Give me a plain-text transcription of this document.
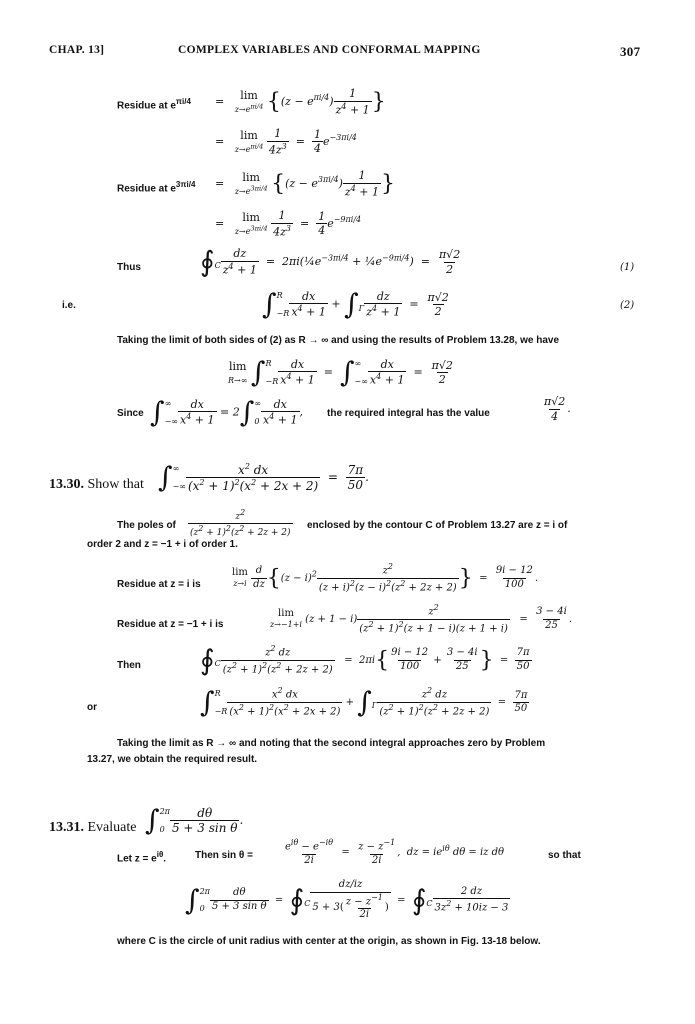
CHAP. 13]	COMPLEX VARIABLES AND CONFORMAL MAPPING	307
Residue at $e^{\pi i/4} = \lim$
$z\to e^{\pi i/4}$ {$(z - e^{\pi i/4}) \frac{1}{z^4 + 1}$ }
=   lim
$z\to e^{\pi i/4} \frac{1}{4z^3} = \frac{1}{4} e^{-3\pi i/4}$
Residue at $e^{3\pi i/4} = \lim$
$z\to e^{3\pi i/4}$ {$(z - e^{3\pi i/4}) \frac{1}{z^4 + 1}$ }
=   lim
$z\to e^{3\pi i/4} \frac{1}{4z^3} = \frac{1}{4} e^{-9\pi i/4}$
Thus $∮_C \frac{dz}{z^4 + 1}$ =  $2\pi i(\frac{1}{4}e^{-3\pi i/4}$ + $\frac{1}{4}e^{-9\pi i/4}) = \frac{\pi√2}{2}$	(1)
i.e.	∫R
$-R \frac{dx}{x^4 + 1} + \int_\Gamma \frac{dz}{z^4 + 1} = \frac{\pi√2}{2}$	(2)
Taking the limit of both sides of (2) as R → ∞ and using the results of Problem 13.28, we have
lim
R→∞ ∫R
$-R \frac{dx}{x^4 + 1}$ =  ∫∞
−∞ $\frac{dx}{x^4 + 1} = \frac{\pi√2}{2}$
Since ∫∞
−∞ $\frac{dx}{x^4 + 1} = 2\int\infty$
$0 \frac{dx}{x^4 + 1}$ , the required integral has the value	$\frac{\pi√2}{4}$ .
13.30. Show that ∫∞
−∞ $\frac{x^2 dx}{(x^2 + 1)^2(x^2 + 2x + 2)} = \frac{7\pi}{50}$ .
The poles of $\frac{z^2}{(z^2 + 1)^2(z^2 + 2z + 2)}$ enclosed by the contour C of Problem 13.27 are z = i of
order 2 and z = −1 + i of order 1.
Residue at z = i is
lim
$z\to i \frac{d}{dz} \{(z - i)^2 \frac{z^2}{(z + i)^2(z - i)^2(z^2 + 2z + 2)}$ }  = $\frac{9i - 12}{100}$ .
Residue at z = −1 + i is
lim
z→−1+i $(z + 1 - i) \frac{z^2}{(z^2 + 1)^2(z + 1 - i)(z + 1 + i)} = \frac{3 - 4i}{25}$ .
Then $∮_C \frac{z^2 dz}{(z^2 + 1)^2(z^2 + 2z + 2)} = 2\pi i\{ \frac{9i - 12}{100} + \frac{3 - 4i}{25}$ }  = $\frac{7\pi}{50}$
or	∫R
$-R \frac{x^2 dx}{(x^2 + 1)^2(x^2 + 2x + 2)} + \int_\Gamma \frac{z^2 dz}{(z^2 + 1)^2(z^2 + 2z + 2)} = \frac{7\pi}{50}$
Taking the limit as R → ∞ and noting that the second integral approaches zero by Problem
13.27, we obtain the required result.
13.31. Evaluate ∫2π
$0 \frac{d\theta}{\text{5 + 3 sin θ}}$ .
Let $z = e^{i\theta}$.	Then sin θ =	$\frac{e^{i\theta} - e^{-i\theta}}{2i} = \frac{z - z^{-1}}{2i}$ ,  dz = $ie^{i\theta}$ dθ = iz dθ	so that
∫2π
$0 \frac{d\theta}{\text{5 + 3 sin θ}}$ =  $∮_C \frac{dz/iz}{5 + 3( \frac{z - z^{-1}}{2i} )}$ =  $∮_C \frac{2 dz}{3z^2 + 10iz - 3}$
where C is the circle of unit radius with center at the origin, as shown in Fig. 13-18 below.
